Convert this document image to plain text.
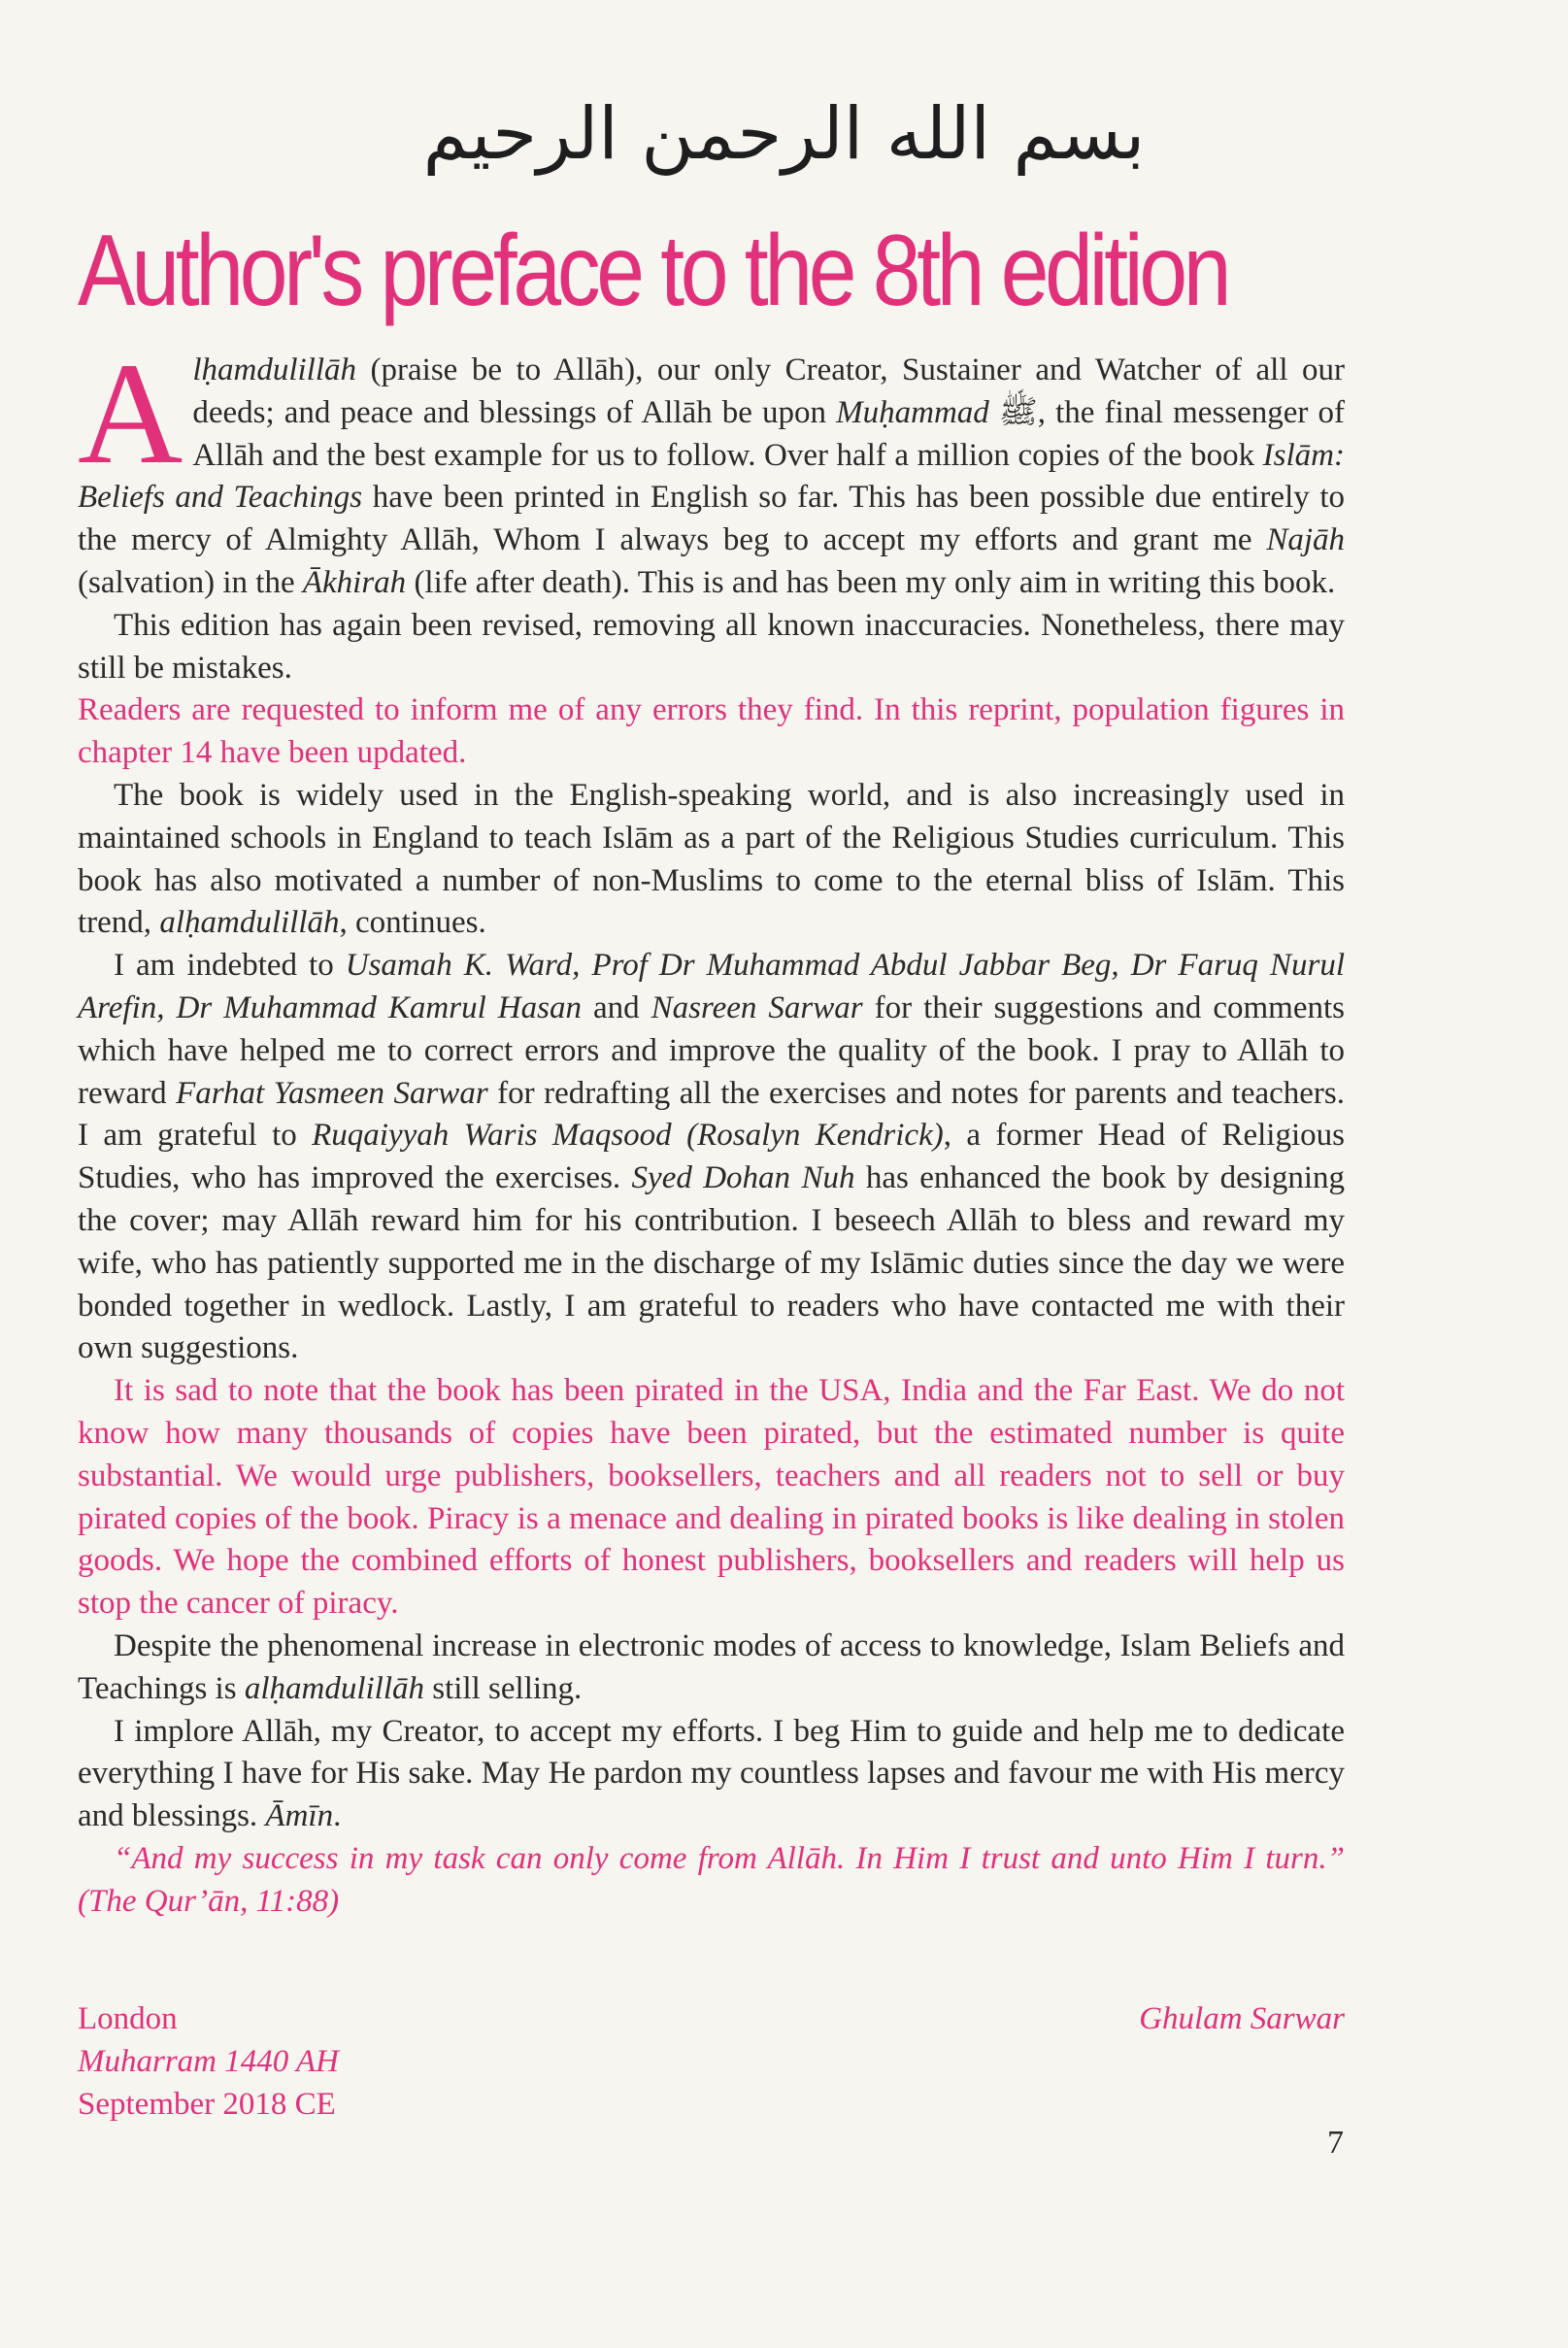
بسم الله الرحمن الرحيم
Author's preface to the 8th edition

Alḥamdulillāh (praise be to Allāh), our only Creator, Sustainer and Watcher of all our deeds; and peace and blessings of Allāh be upon Muḥammad ﷺ, the final messenger of Allāh and the best example for us to follow. Over half a million copies of the book Islām: Beliefs and Teachings have been printed in English so far. This has been possible due entirely to the mercy of Almighty Allāh, Whom I always beg to accept my efforts and grant me Najāh (salvation) in the Ākhirah (life after death). This is and has been my only aim in writing this book.

This edition has again been revised, removing all known inaccuracies. Nonetheless, there may still be mistakes.

Readers are requested to inform me of any errors they find. In this reprint, population figures in chapter 14 have been updated.

The book is widely used in the English-speaking world, and is also increasingly used in maintained schools in England to teach Islām as a part of the Religious Studies curriculum. This book has also motivated a number of non-Muslims to come to the eternal bliss of Islām. This trend, alḥamdulillāh, continues.

I am indebted to Usamah K. Ward, Prof Dr Muhammad Abdul Jabbar Beg, Dr Faruq Nurul Arefin, Dr Muhammad Kamrul Hasan and Nasreen Sarwar for their suggestions and comments which have helped me to correct errors and improve the quality of the book. I pray to Allāh to reward Farhat Yasmeen Sarwar for redrafting all the exercises and notes for parents and teachers. I am grateful to Ruqaiyyah Waris Maqsood (Rosalyn Kendrick), a former Head of Religious Studies, who has improved the exercises. Syed Dohan Nuh has enhanced the book by designing the cover; may Allāh reward him for his contribution. I beseech Allāh to bless and reward my wife, who has patiently supported me in the discharge of my Islāmic duties since the day we were bonded together in wedlock. Lastly, I am grateful to readers who have contacted me with their own suggestions.

It is sad to note that the book has been pirated in the USA, India and the Far East. We do not know how many thousands of copies have been pirated, but the estimated number is quite substantial. We would urge publishers, booksellers, teachers and all readers not to sell or buy pirated copies of the book. Piracy is a menace and dealing in pirated books is like dealing in stolen goods. We hope the combined efforts of honest publishers, booksellers and readers will help us stop the cancer of piracy.

Despite the phenomenal increase in electronic modes of access to knowledge, Islam Beliefs and Teachings is alḥamdulillāh still selling.

I implore Allāh, my Creator, to accept my efforts. I beg Him to guide and help me to dedicate everything I have for His sake. May He pardon my countless lapses and favour me with His mercy and blessings. Āmīn.

“And my success in my task can only come from Allāh. In Him I trust and unto Him I turn.” (The Qur’ān, 11:88)

London
Muharram 1440 AH
September 2018 CE
Ghulam Sarwar
7
